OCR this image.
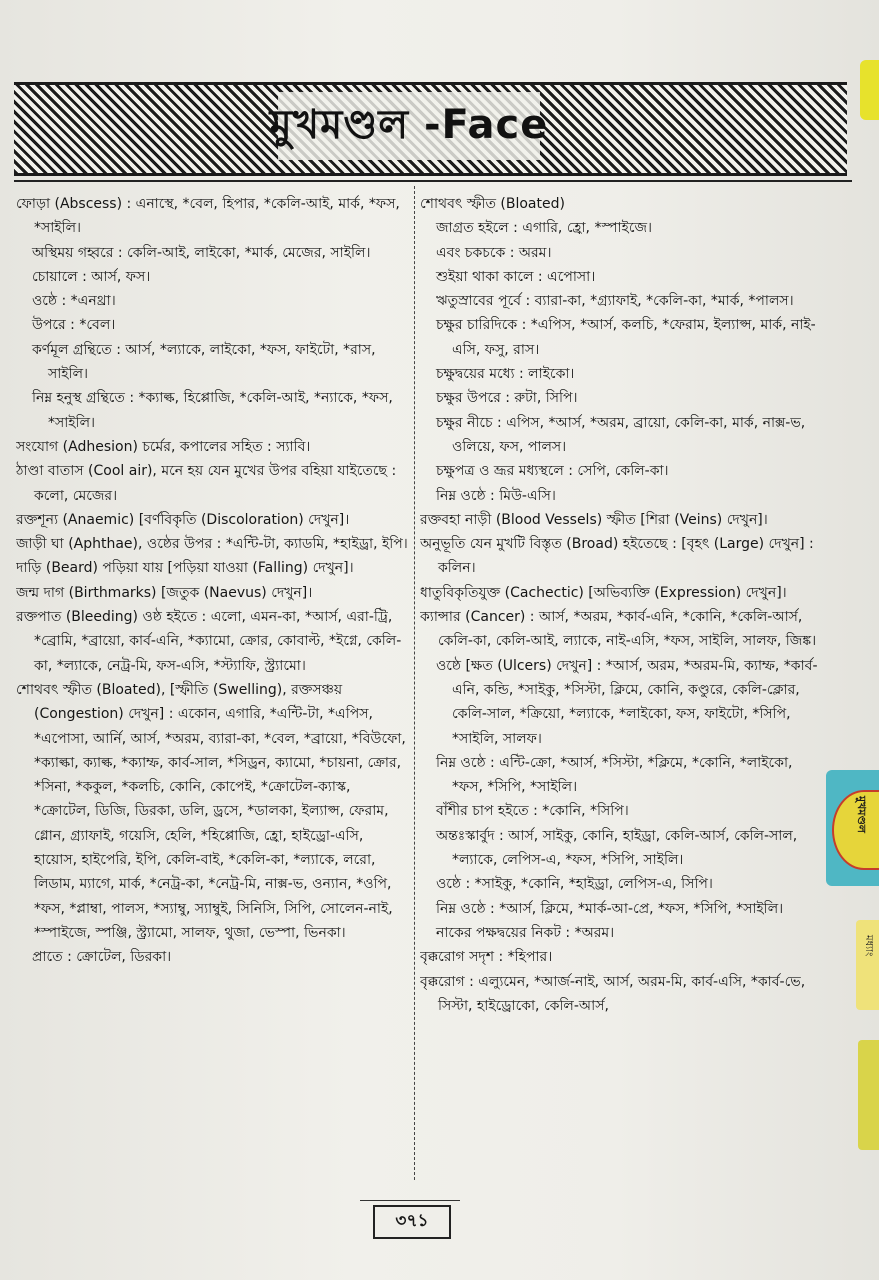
মুখমণ্ডল -Face

ফোড়া (Abscess) : এনাস্থে, *বেল, হিপার, *কেলি-আই, মার্ক, *ফস, *সাইলি।

অস্থিময় গহ্বরে : কেলি-আই, লাইকো, *মার্ক, মেজের, সাইলি।

চোয়ালে : আর্স, ফস।

ওষ্ঠে : *এনথ্রা।

উপরে : *বেল।

কর্ণমূল গ্রন্থিতে : আর্স, *ল্যাকে, লাইকো, *ফস, ফাইটো, *রাস, সাইলি।

নিম্ন হনুস্থ গ্রন্থিতে : *ক্যাল্ক, হিপ্পোজি, *কেলি-আই, *ন্যাকে, *ফস, *সাইলি।

সংযোগ (Adhesion) চর্মের, কপালের সহিত : স্যাবি।

ঠাণ্ডা বাতাস (Cool air), মনে হয় যেন মুখের উপর বহিয়া যাইতেছে : কলো, মেজের।

রক্তশূন্য (Anaemic) [বর্ণবিকৃতি (Discoloration) দেখুন]।

জাড়ী ঘা (Aphthae), ওষ্ঠের উপর : *এন্টি-টা, ক্যাডমি, *হাইড্রা, ইপি।

দাড়ি (Beard) পড়িয়া যায় [পড়িয়া যাওয়া (Falling) দেখুন]।

জন্ম দাগ (Birthmarks) [জতুক (Naevus) দেখুন]।

রক্তপাত (Bleeding) ওষ্ঠ হইতে : এলো, এমন-কা, *আর্স, এরা-ট্রি, *ব্রোমি, *ব্রায়ো, কার্ব-এনি, *ক্যামো, ক্রোর, কোবাল্ট, *ইগ্নে, কেলি-কা, *ল্যাকে, নেট্র-মি, ফস-এসি, *স্ট্যাফি, স্ট্র্যামো।

শোথবৎ স্ফীত (Bloated), [স্ফীতি (Swelling), রক্তসঞ্চয় (Congestion) দেখুন] : একোন, এগারি, *এন্টি-টা, *এপিস, *এপোসা, আর্নি, আর্স, *অরম, ব্যারা-কা, *বেল, *ব্রায়ো, *বিউফো, *ক্যাল্কা, ক্যাল্ক, *ক্যাম্ফ, কার্ব-সাল, *সিড্রন, ক্যামো, *চায়না, ক্রোর, *সিনা, *ককুল, *কলচি, কোনি, কোপেই, *ক্রোটেল-ক্যাস্ক, *ক্রোটেল, ডিজি, ডিরকা, ডলি, ড্রসে, *ডালকা, ইল্যাপ্স, ফেরাম, গ্লোন, গ্র্যাফাই, গয়েসি, হেলি, *হিপ্পোজি, হ্রো, হাইড্রো-এসি, হায়োস, হাইপেরি, ইপি, কেলি-বাই, *কেলি-কা, *ল্যাকে, লরো, লিডাম, ম্যাগে, মার্ক, *নেট্র-কা, *নেট্র-মি, নাক্স-ভ, ওন্যান, *ওপি, *ফস, *প্লাম্বা, পালস, *স্যাম্বু, স্যাম্বুই, সিনিসি, সিপি, সোলেন-নাই, *স্পাইজে, স্পঞ্জি, স্ট্র্যামো, সালফ, থুজা, ভেস্পা, ভিনকা।

প্রাতে : ক্রোটেল, ডিরকা।

শোথবৎ স্ফীত (Bloated)

জাগ্রত হইলে : এগারি, হ্রো, *স্পাইজে।

এবং চকচকে : অরম।

শুইয়া থাকা কালে : এপোসা।

ঋতুস্রাবের পূর্বে : ব্যারা-কা, *গ্র্যাফাই, *কেলি-কা, *মার্ক, *পালস।

চক্ষুর চারিদিকে : *এপিস, *আর্স, কলচি, *ফেরাম, ইল্যাপ্স, মার্ক, নাই-এসি, ফসু, রাস।

চক্ষুদ্বয়ের মধ্যে : লাইকো।

চক্ষুর উপরে : রুটা, সিপি।

চক্ষুর নীচে : এপিস, *আর্স, *অরম, ব্রায়ো, কেলি-কা, মার্ক, নাক্স-ভ, ওলিয়ে, ফস, পালস।

চক্ষুপত্র ও ভ্রূর মধ্যস্থলে : সেপি, কেলি-কা।

নিম্ন ওষ্ঠে : মিউ-এসি।

রক্তবহা নাড়ী (Blood Vessels) স্ফীত [শিরা (Veins) দেখুন]।

অনুভূতি যেন মুখটি বিস্তৃত (Broad) হইতেছে : [বৃহৎ (Large) দেখুন] : কলিন।

ধাতুবিকৃতিযুক্ত (Cachectic) [অভিব্যক্তি (Expression) দেখুন]।

ক্যান্সার (Cancer) : আর্স, *অরম, *কার্ব-এনি, *কোনি, *কেলি-আর্স, কেলি-কা, কেলি-আই, ল্যাকে, নাই-এসি, *ফস, সাইলি, সালফ, জিঙ্ক।

ওষ্ঠে [ক্ষত (Ulcers) দেখুন] : *আর্স, অরম, *অরম-মি, ক্যাম্ফ, *কার্ব-এনি, কন্ডি, *সাইকু, *সিস্টা, ক্লিমে, কোনি, কণ্ডুরে, কেলি-ক্লোর, কেলি-সাল, *ক্রিয়ো, *ল্যাকে, *লাইকো, ফস, ফাইটো, *সিপি, *সাইলি, সালফ।

নিম্ন ওষ্ঠে : এন্টি-ক্রো, *আর্স, *সিস্টা, *ক্লিমে, *কোনি, *লাইকো, *ফস, *সিপি, *সাইলি।

বাঁশীর চাপ হইতে : *কোনি, *সিপি।

অন্তঃস্কার্বুদ : আর্স, সাইকু, কোনি, হাইড্রা, কেলি-আর্স, কেলি-সাল, *ল্যাকে, লেপিস-এ, *ফস, *সিপি, সাইলি।

ওষ্ঠে : *সাইকু, *কোনি, *হাইড্রা, লেপিস-এ, সিপি।

নিম্ন ওষ্ঠে : *আর্স, ক্লিমে, *মার্ক-আ-প্রে, *ফস, *সিপি, *সাইলি।

নাকের পক্ষদ্বয়ের নিকট : *অরম।

বৃক্করোগ সদৃশ : *হিপার।

বৃক্করোগ : এল্যুমেন, *আর্জ-নাই, আর্স, অরম-মি, কার্ব-এসি, *কার্ব-ভে, সিস্টা, হাইড্রোকো, কেলি-আর্স,

মুখমণ্ডল
মধ্যাং
৩৭১
